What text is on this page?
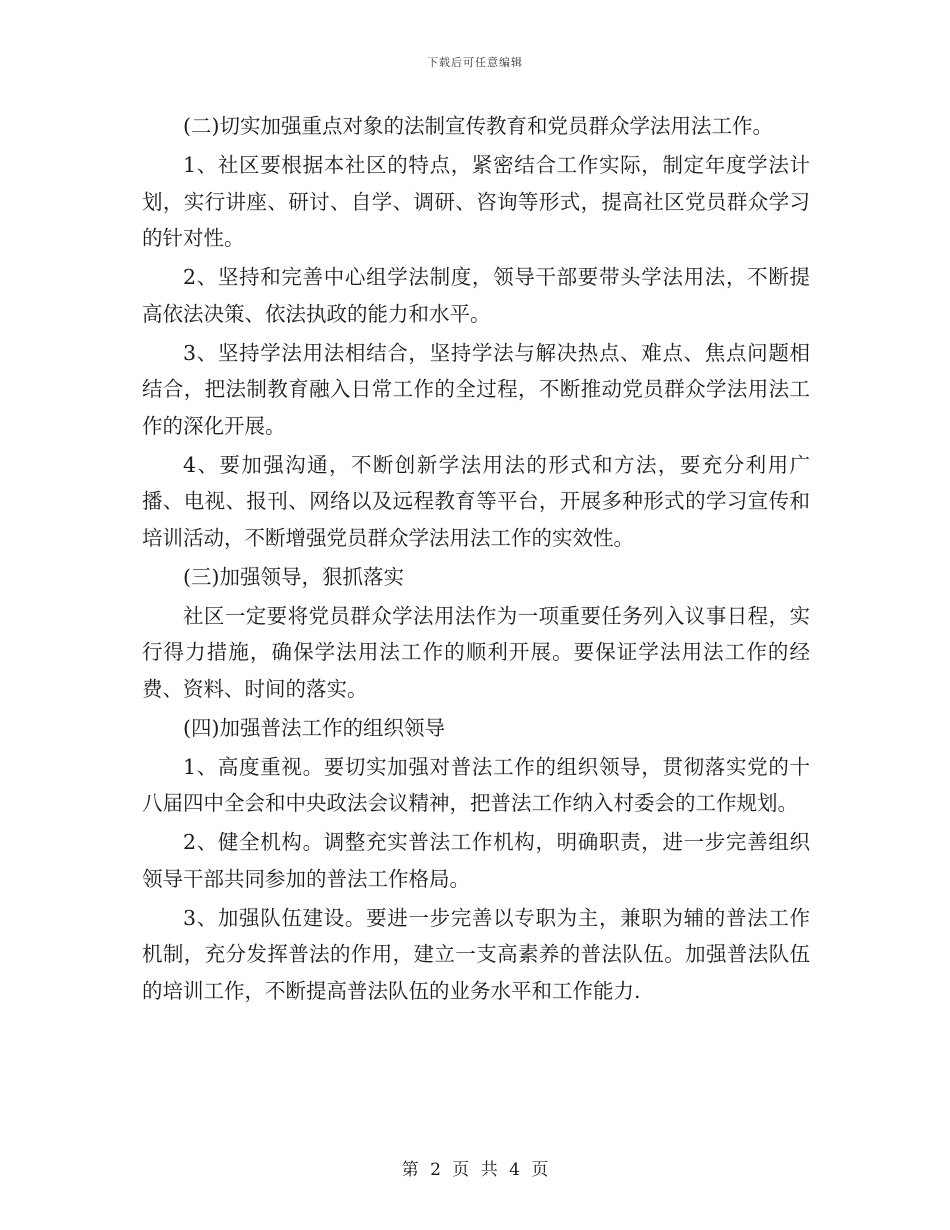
下载后可任意编辑

(二)切实加强重点对象的法制宣传教育和党员群众学法用法工作。

1、社区要根据本社区的特点，紧密结合工作实际，制定年度学法计划，实行讲座、研讨、自学、调研、咨询等形式，提高社区党员群众学习的针对性。

2、坚持和完善中心组学法制度，领导干部要带头学法用法，不断提高依法决策、依法执政的能力和水平。

3、坚持学法用法相结合，坚持学法与解决热点、难点、焦点问题相结合，把法制教育融入日常工作的全过程，不断推动党员群众学法用法工作的深化开展。

4、要加强沟通，不断创新学法用法的形式和方法，要充分利用广播、电视、报刊、网络以及远程教育等平台，开展多种形式的学习宣传和培训活动，不断增强党员群众学法用法工作的实效性。

(三)加强领导，狠抓落实

社区一定要将党员群众学法用法作为一项重要任务列入议事日程，实行得力措施，确保学法用法工作的顺利开展。要保证学法用法工作的经费、资料、时间的落实。

(四)加强普法工作的组织领导

1、高度重视。要切实加强对普法工作的组织领导，贯彻落实党的十八届四中全会和中央政法会议精神，把普法工作纳入村委会的工作规划。

2、健全机构。调整充实普法工作机构，明确职责，进一步完善组织领导干部共同参加的普法工作格局。

3、加强队伍建设。要进一步完善以专职为主，兼职为辅的普法工作机制，充分发挥普法的作用，建立一支高素养的普法队伍。加强普法队伍的培训工作，不断提高普法队伍的业务水平和工作能力.

第 2 页 共 4 页
